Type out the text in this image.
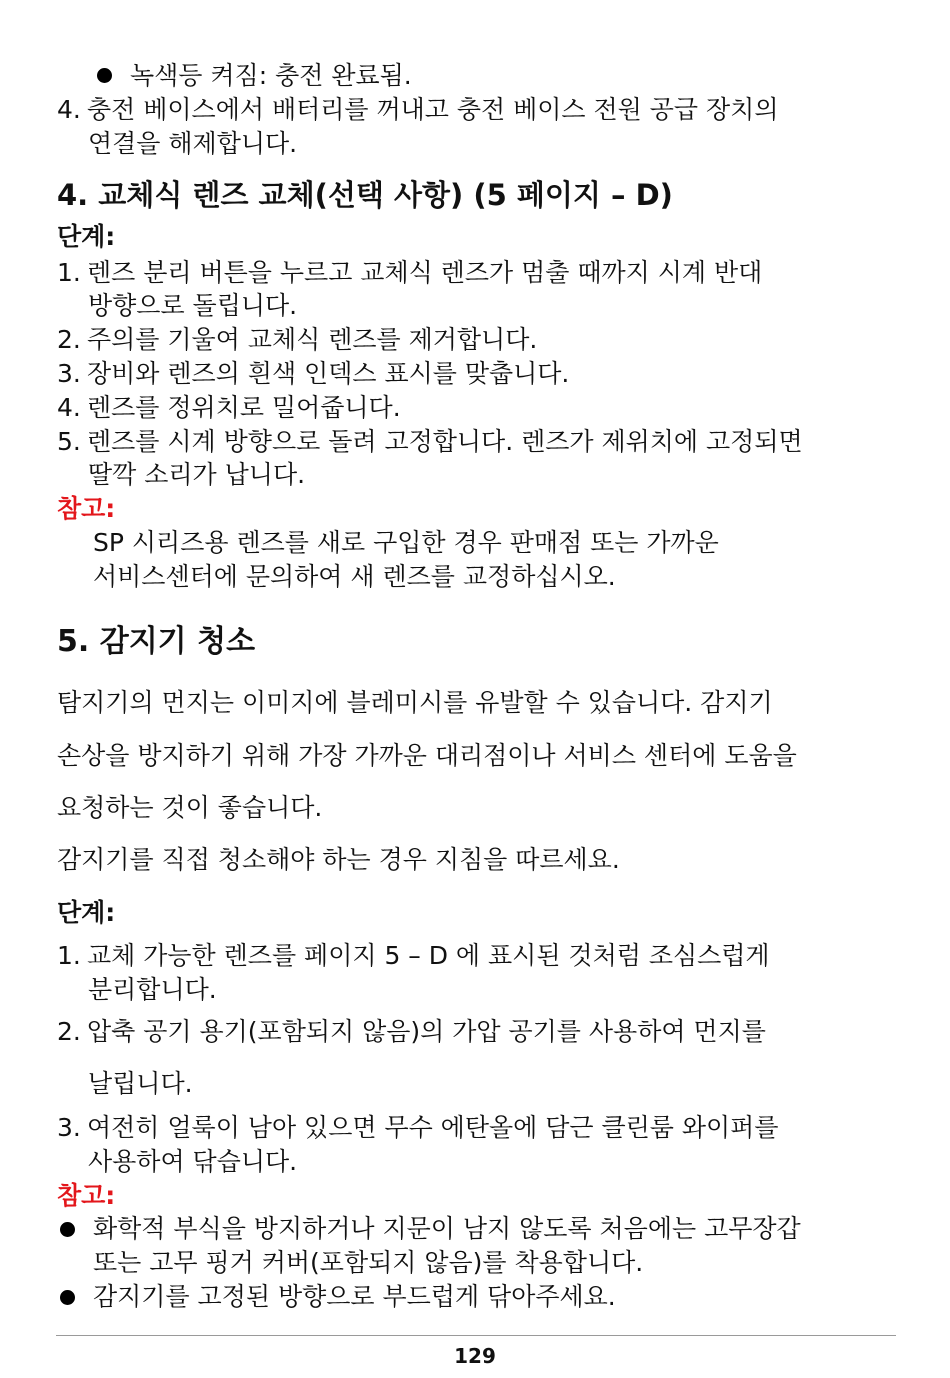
녹색등 켜짐: 충전 완료됨.
4. 충전 베이스에서 배터리를 꺼내고 충전 베이스 전원 공급 장치의
연결을 해제합니다.
4. 교체식 렌즈 교체(선택 사항) (5 페이지 – D)
단계:
1. 렌즈 분리 버튼을 누르고 교체식 렌즈가 멈출 때까지 시계 반대
방향으로 돌립니다.
2. 주의를 기울여 교체식 렌즈를 제거합니다.
3. 장비와 렌즈의 흰색 인덱스 표시를 맞춥니다.
4. 렌즈를 정위치로 밀어줍니다.
5. 렌즈를 시계 방향으로 돌려 고정합니다. 렌즈가 제위치에 고정되면
딸깍 소리가 납니다.
참고:
SP 시리즈용 렌즈를 새로 구입한 경우 판매점 또는 가까운
서비스센터에 문의하여 새 렌즈를 교정하십시오.
5. 감지기 청소
탐지기의 먼지는 이미지에 블레미시를 유발할 수 있습니다. 감지기
손상을 방지하기 위해 가장 가까운 대리점이나 서비스 센터에 도움을
요청하는 것이 좋습니다.
감지기를 직접 청소해야 하는 경우 지침을 따르세요.
단계:
1. 교체 가능한 렌즈를 페이지 5 – D 에 표시된 것처럼 조심스럽게
분리합니다.
2. 압축 공기 용기(포함되지 않음)의 가압 공기를 사용하여 먼지를
날립니다.
3. 여전히 얼룩이 남아 있으면 무수 에탄올에 담근 클린룸 와이퍼를
사용하여 닦습니다.
참고:
화학적 부식을 방지하거나 지문이 남지 않도록 처음에는 고무장갑
또는 고무 핑거 커버(포함되지 않음)를 착용합니다.
감지기를 고정된 방향으로 부드럽게 닦아주세요.
129
